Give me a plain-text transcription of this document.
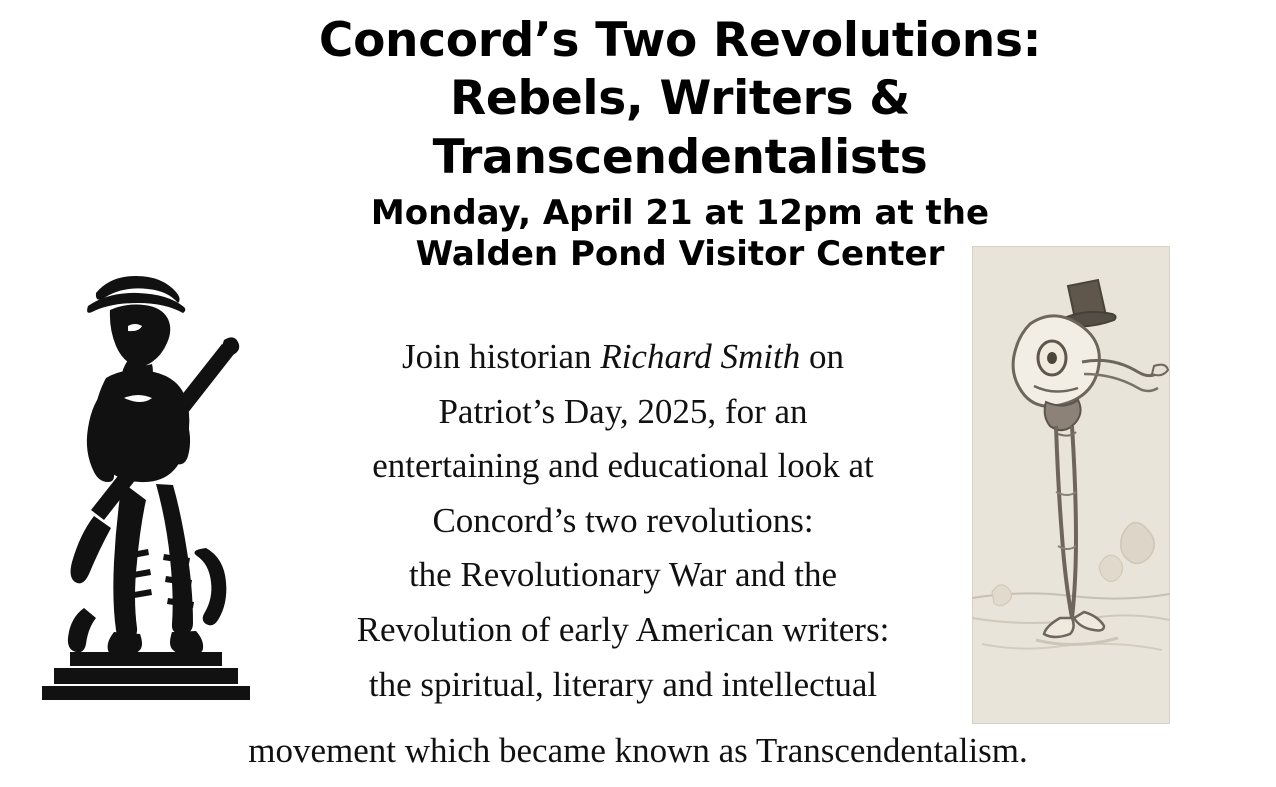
Concord’s Two Revolutions:
Rebels, Writers &
Transcendentalists
Monday, April 21 at 12pm at the
Walden Pond Visitor Center
Join historian Richard Smith on
Patriot’s Day, 2025, for an
entertaining and educational look at
Concord’s two revolutions:
the Revolutionary War and the
Revolution of early American writers:
the spiritual, literary and intellectual
movement which became known as Transcendentalism.
